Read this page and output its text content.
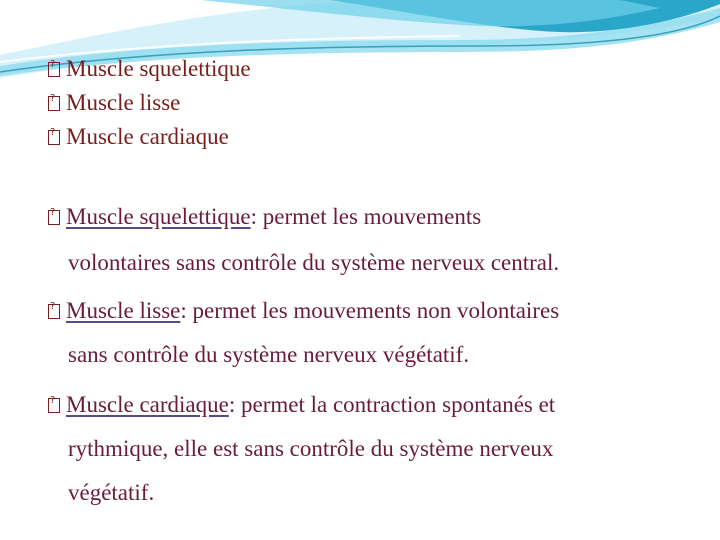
?Muscle squelettique
?Muscle lisse
?Muscle cardiaque
?Muscle squelettique: permet les mouvements
volontaires sans contrôle du système nerveux central.
?Muscle lisse: permet les mouvements non volontaires
sans contrôle du système nerveux végétatif.
?Muscle cardiaque: permet la contraction spontanés et
rythmique, elle est sans contrôle du système nerveux
végétatif.
